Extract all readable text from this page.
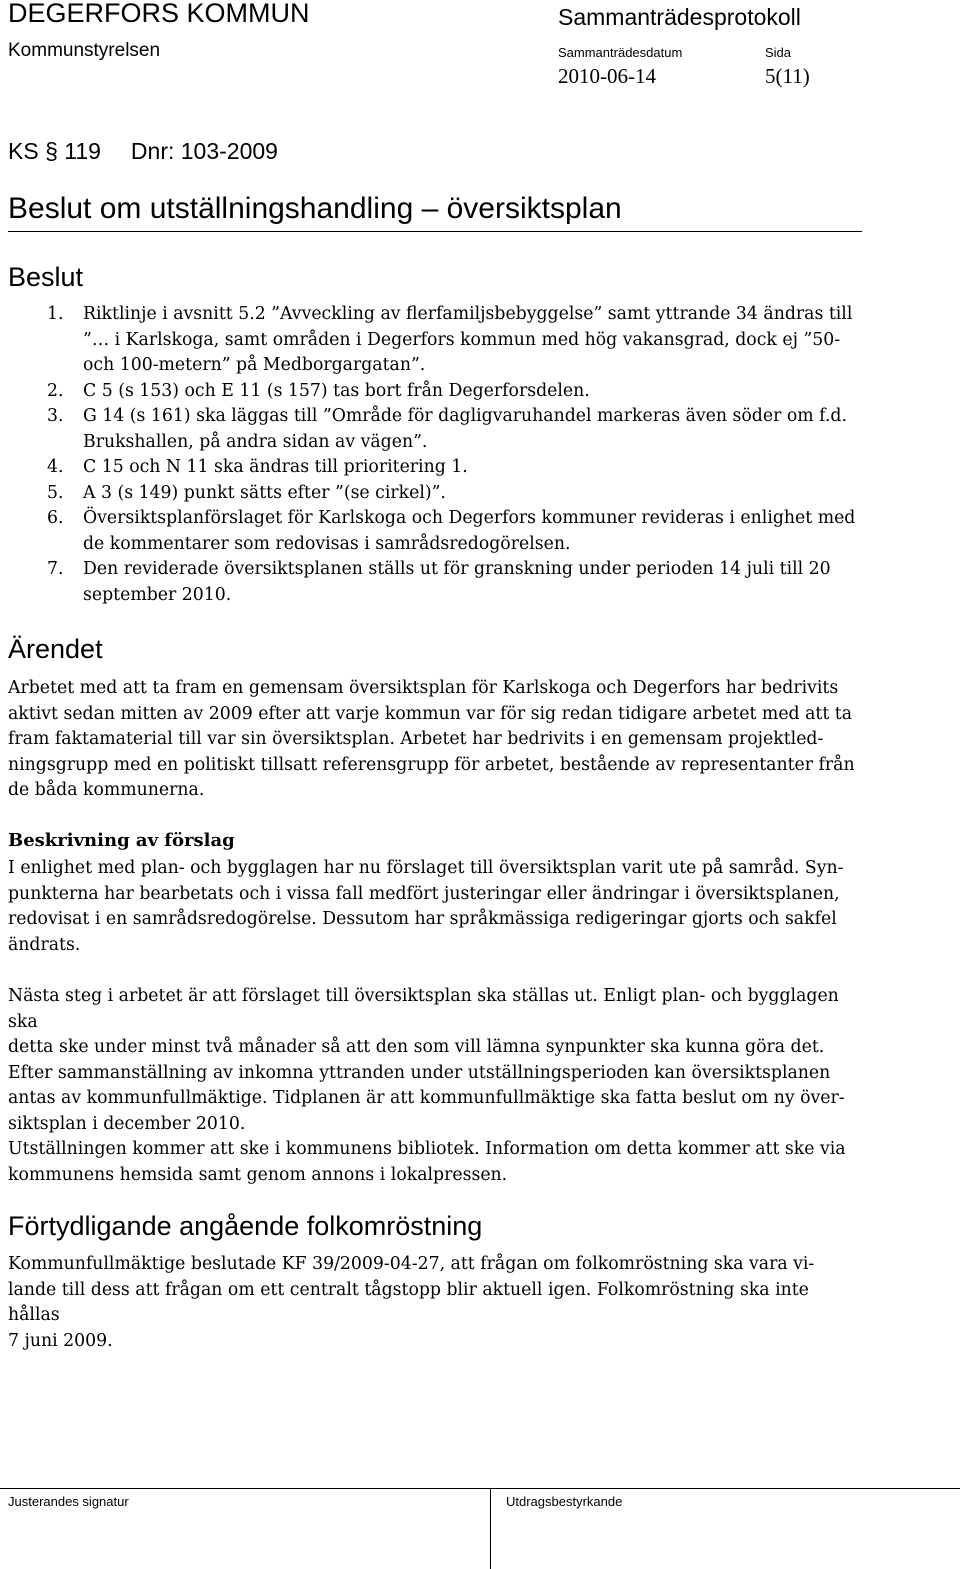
DEGERFORS KOMMUN
Kommunstyrelsen
Sammanträdesprotokoll
Sammanträdesdatum
2010-06-14
Sida
5(11)
KS § 119 Dnr: 103-2009
Beslut om utställningshandling – översiktsplan
Beslut
1. Riktlinje i avsnitt 5.2 ”Avveckling av flerfamiljsbebyggelse” samt yttrande 34 ändras till
”… i Karlskoga, samt områden i Degerfors kommun med hög vakansgrad, dock ej ”50-
och 100-metern” på Medborgargatan”.
2. C 5 (s 153) och E 11 (s 157) tas bort från Degerforsdelen.
3. G 14 (s 161) ska läggas till ”Område för dagligvaruhandel markeras även söder om f.d.
Brukshallen, på andra sidan av vägen”.
4. C 15 och N 11 ska ändras till prioritering 1.
5. A 3 (s 149) punkt sätts efter ”(se cirkel)”.
6. Översiktsplanförslaget för Karlskoga och Degerfors kommuner revideras i enlighet med
de kommentarer som redovisas i samrådsredogörelsen.
7. Den reviderade översiktsplanen ställs ut för granskning under perioden 14 juli till 20
september 2010.
Ärendet

Arbetet med att ta fram en gemensam översiktsplan för Karlskoga och Degerfors har bedrivits
aktivt sedan mitten av 2009 efter att varje kommun var för sig redan tidigare arbetet med att ta
fram faktamaterial till var sin översiktsplan. Arbetet har bedrivits i en gemensam projektled-
ningsgrupp med en politiskt tillsatt referensgrupp för arbetet, bestående av representanter från
de båda kommunerna.

Beskrivning av förslag

I enlighet med plan- och bygglagen har nu förslaget till översiktsplan varit ute på samråd. Syn-
punkterna har bearbetats och i vissa fall medfört justeringar eller ändringar i översiktsplanen,
redovisat i en samrådsredogörelse. Dessutom har språkmässiga redigeringar gjorts och sakfel
ändrats.

Nästa steg i arbetet är att förslaget till översiktsplan ska ställas ut. Enligt plan- och bygglagen ska
detta ske under minst två månader så att den som vill lämna synpunkter ska kunna göra det.
Efter sammanställning av inkomna yttranden under utställningsperioden kan översiktsplanen
antas av kommunfullmäktige. Tidplanen är att kommunfullmäktige ska fatta beslut om ny över-
siktsplan i december 2010.

Utställningen kommer att ske i kommunens bibliotek. Information om detta kommer att ske via
kommunens hemsida samt genom annons i lokalpressen.

Förtydligande angående folkomröstning

Kommunfullmäktige beslutade KF 39/2009-04-27, att frågan om folkomröstning ska vara vi-
lande till dess att frågan om ett centralt tågstopp blir aktuell igen. Folkomröstning ska inte hållas
7 juni 2009.

Justerandes signatur	Utdragsbestyrkande
